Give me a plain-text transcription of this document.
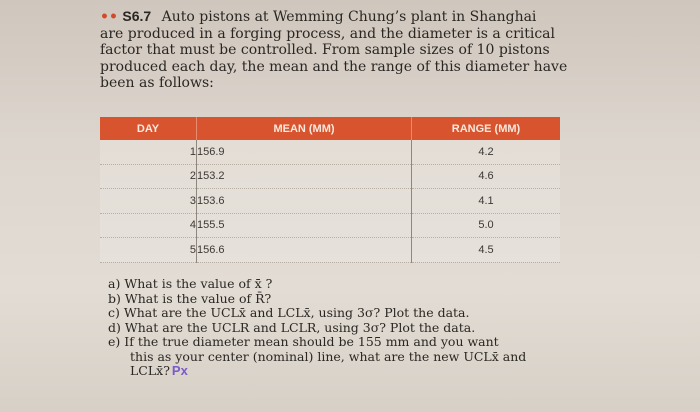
•• S6.7 Auto pistons at Wemming Chung’s plant in Shanghai
are produced in a forging process, and the diameter is a critical
factor that must be controlled. From sample sizes of 10 pistons
produced each day, the mean and the range of this diameter have
been as follows:
DAY	MEAN (MM)	RANGE (MM)
1	156.9	4.2
2	153.2	4.6
3	153.6	4.1
4	155.5	5.0
5	156.6	4.5

a) What is the value of x̄̄ ?

b) What is the value of R̄?

c) What are the UCLx̄ and LCLx̄, using 3σ? Plot the data.

d) What are the UCLR and LCLR, using 3σ? Plot the data.

e) If the true diameter mean should be 155 mm and you want

this as your center (nominal) line, what are the new UCLx̄ and

LCLx̄? Px
